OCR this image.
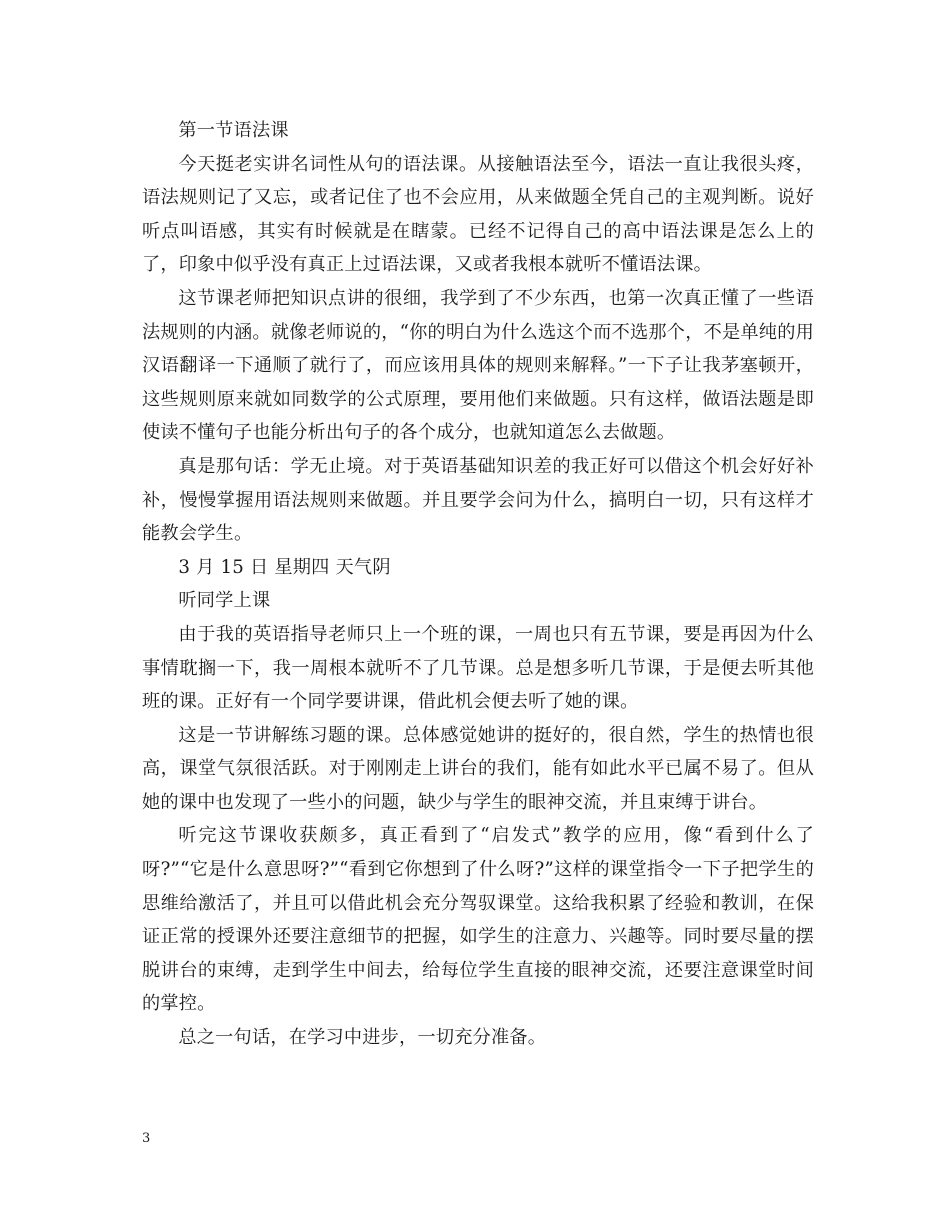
第一节语法课

今天挺老实讲名词性从句的语法课。从接触语法至今，语法一直让我很头疼，语法规则记了又忘，或者记住了也不会应用，从来做题全凭自己的主观判断。说好听点叫语感，其实有时候就是在瞎蒙。已经不记得自己的高中语法课是怎么上的了，印象中似乎没有真正上过语法课，又或者我根本就听不懂语法课。

这节课老师把知识点讲的很细，我学到了不少东西，也第一次真正懂了一些语法规则的内涵。就像老师说的，“你的明白为什么选这个而不选那个，不是单纯的用汉语翻译一下通顺了就行了，而应该用具体的规则来解释。”一下子让我茅塞顿开，这些规则原来就如同数学的公式原理，要用他们来做题。只有这样，做语法题是即使读不懂句子也能分析出句子的各个成分，也就知道怎么去做题。

真是那句话：学无止境。对于英语基础知识差的我正好可以借这个机会好好补补，慢慢掌握用语法规则来做题。并且要学会问为什么，搞明白一切，只有这样才能教会学生。

3 月 15 日 星期四 天气阴

听同学上课

由于我的英语指导老师只上一个班的课，一周也只有五节课，要是再因为什么事情耽搁一下，我一周根本就听不了几节课。总是想多听几节课，于是便去听其他班的课。正好有一个同学要讲课，借此机会便去听了她的课。

这是一节讲解练习题的课。总体感觉她讲的挺好的，很自然，学生的热情也很高，课堂气氛很活跃。对于刚刚走上讲台的我们，能有如此水平已属不易了。但从她的课中也发现了一些小的问题，缺少与学生的眼神交流，并且束缚于讲台。

听完这节课收获颇多，真正看到了“启发式”教学的应用，像“看到什么了呀?”“它是什么意思呀?”“看到它你想到了什么呀?”这样的课堂指令一下子把学生的思维给激活了，并且可以借此机会充分驾驭课堂。这给我积累了经验和教训，在保证正常的授课外还要注意细节的把握，如学生的注意力、兴趣等。同时要尽量的摆脱讲台的束缚，走到学生中间去，给每位学生直接的眼神交流，还要注意课堂时间的掌控。

总之一句话，在学习中进步，一切充分准备。

3
